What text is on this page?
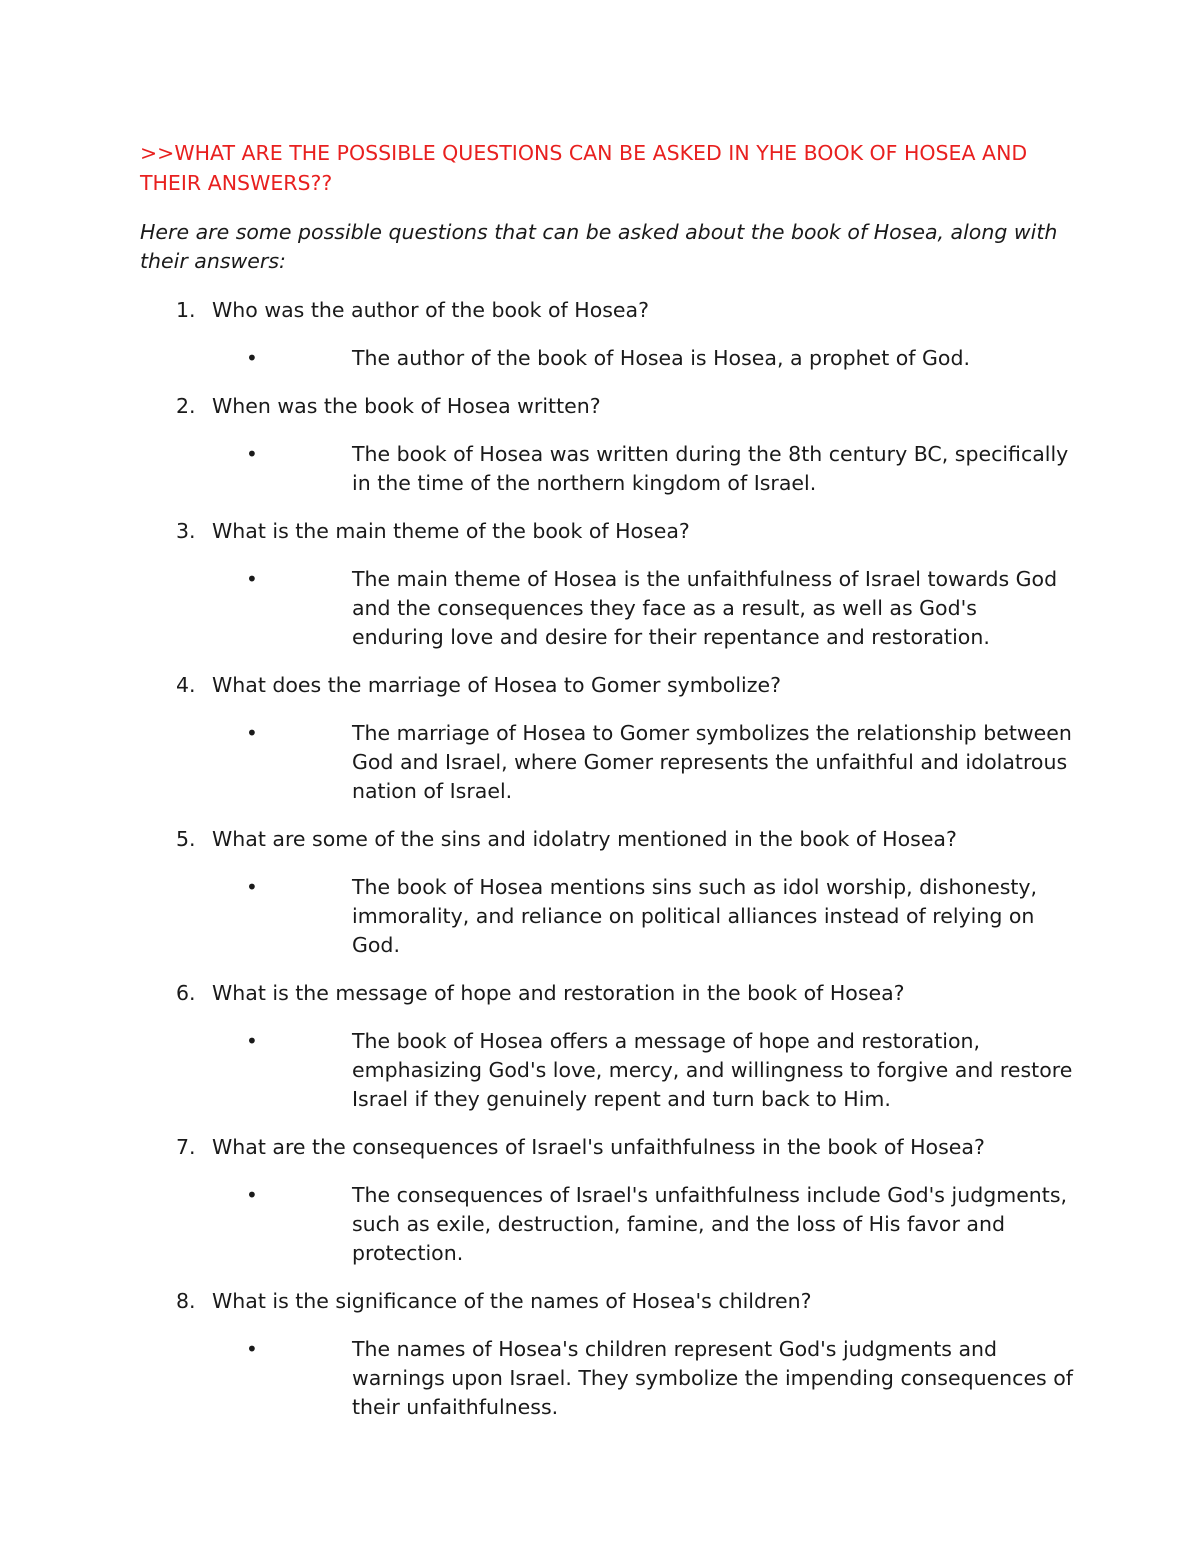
>>WHAT ARE THE POSSIBLE QUESTIONS CAN BE ASKED IN YHE BOOK OF HOSEA AND THEIR ANSWERS??

Here are some possible questions that can be asked about the book of Hosea, along with their answers:

1. Who was the author of the book of Hosea?
•	The author of the book of Hosea is Hosea, a prophet of God.
2. When was the book of Hosea written?
•	The book of Hosea was written during the 8th century BC, specifically in the time of the northern kingdom of Israel.
3. What is the main theme of the book of Hosea?
•	The main theme of Hosea is the unfaithfulness of Israel towards God and the consequences they face as a result, as well as God's enduring love and desire for their repentance and restoration.
4. What does the marriage of Hosea to Gomer symbolize?
•	The marriage of Hosea to Gomer symbolizes the relationship between God and Israel, where Gomer represents the unfaithful and idolatrous nation of Israel.
5. What are some of the sins and idolatry mentioned in the book of Hosea?
•	The book of Hosea mentions sins such as idol worship, dishonesty, immorality, and reliance on political alliances instead of relying on God.
6. What is the message of hope and restoration in the book of Hosea?
•	The book of Hosea offers a message of hope and restoration, emphasizing God's love, mercy, and willingness to forgive and restore Israel if they genuinely repent and turn back to Him.
7. What are the consequences of Israel's unfaithfulness in the book of Hosea?
•	The consequences of Israel's unfaithfulness include God's judgments, such as exile, destruction, famine, and the loss of His favor and protection.
8. What is the significance of the names of Hosea's children?
•	The names of Hosea's children represent God's judgments and warnings upon Israel. They symbolize the impending consequences of their unfaithfulness.
